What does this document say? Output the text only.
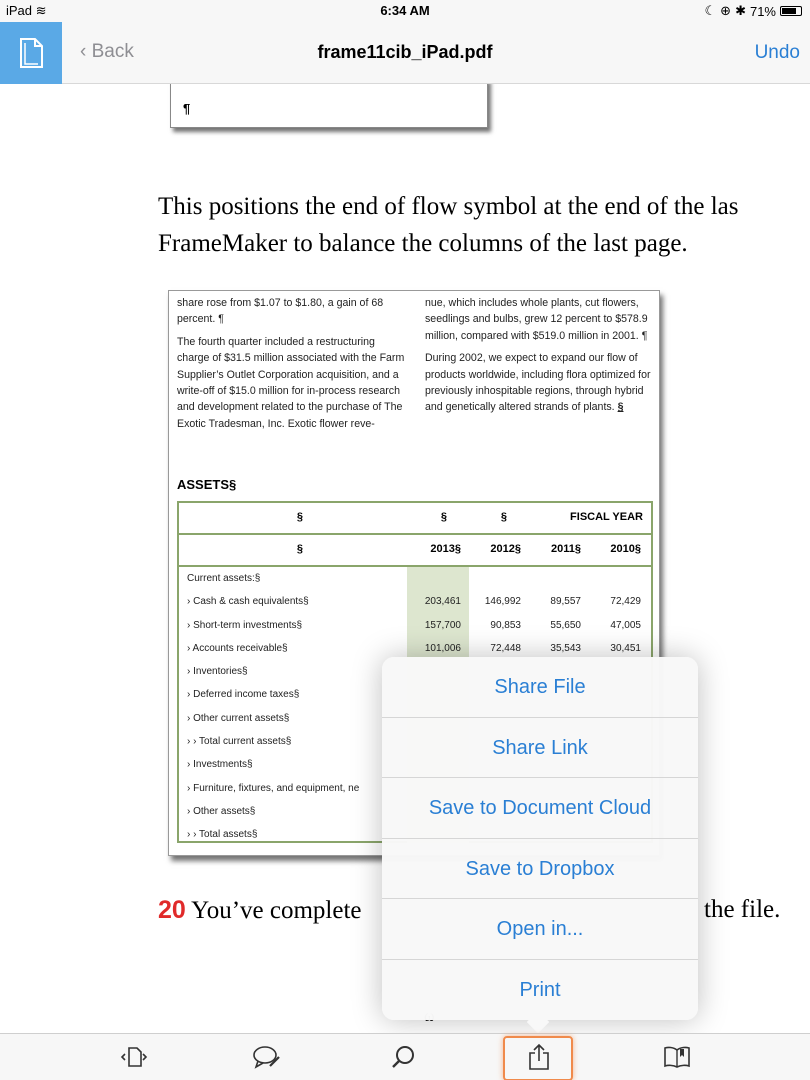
iPad ≋	6:34 AM	☾ ⊕ ✱ 71%
‹ Back	frame11cib_iPad.pdf	Undo
¶
This positions the end of flow symbol at the end of the las
FrameMaker to balance the columns of the last page.

share rose from $1.07 to $1.80, a gain of 68 percent. ¶

The fourth quarter included a restructuring charge of $31.5 million associated with the Farm Supplier’s Outlet Corporation acquisition, and a write-off of $15.0 million for in-process research and development related to the purchase of The Exotic Tradesman, Inc. Exotic flower reve-

nue, which includes whole plants, cut flowers, seedlings and bulbs, grew 12 percent to $578.9 million, compared with $519.0 million in 2001. ¶

During 2002, we expect to expand our flow of products worldwide, including flora optimized for previously inhospitable regions, through hybrid and genetically altered strands of plants. §

ASSETS§
§	§	§	FISCAL YEAR
§	2013§	2012§	2011§	2010§
Current assets:§
› Cash & cash equivalents§	203,461	146,992	89,557	72,429
› Short-term investments§	157,700	90,853	55,650	47,005
› Accounts receivable§	101,006	72,448	35,543	30,451
› Inventories§
› Deferred income taxes§
› Other current assets§
› › Total current assets§
› Investments§
› Furniture, fixtures, and equipment, ne
› Other assets§
› › Total assets§
20 You’ve complete	the file.
Share File
Share Link
Save to Document Cloud
Save to Dropbox
Open in...
Print
